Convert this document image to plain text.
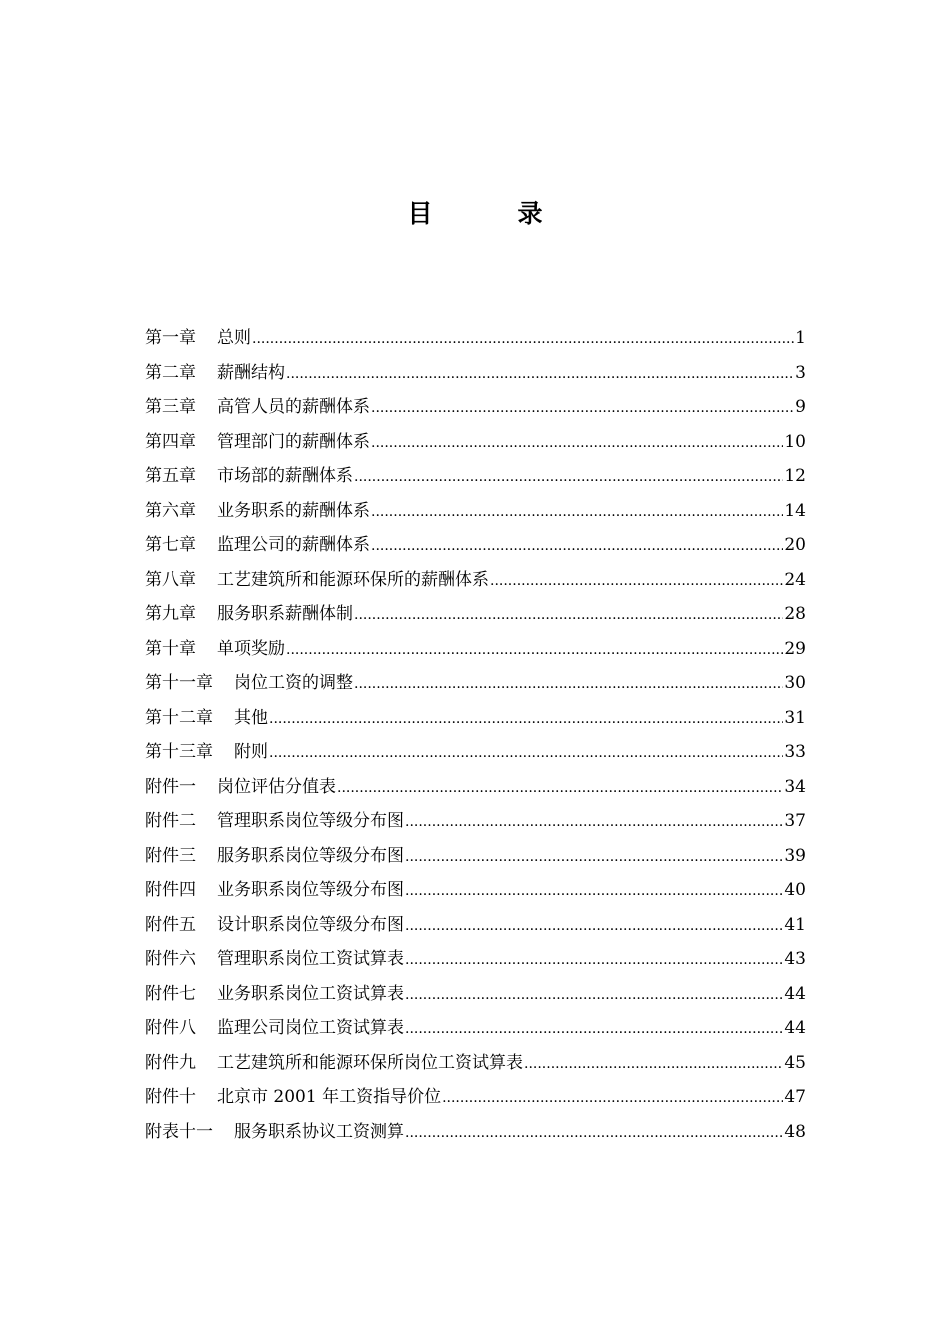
目　录
第一章 总则 .....	1
第二章 薪酬结构 .....	3
第三章 高管人员的薪酬体系 .....	9
第四章 管理部门的薪酬体系 .....	10
第五章 市场部的薪酬体系 .....	12
第六章 业务职系的薪酬体系 .....	14
第七章 监理公司的薪酬体系 .....	20
第八章 工艺建筑所和能源环保所的薪酬体系 .....	24
第九章 服务职系薪酬体制 .....	28
第十章 单项奖励 .....	29
第十一章 岗位工资的调整 .....	30
第十二章 其他 .....	31
第十三章 附则 .....	33
附件一 岗位评估分值表 .....	34
附件二 管理职系岗位等级分布图 .....	37
附件三 服务职系岗位等级分布图 .....	39
附件四 业务职系岗位等级分布图 .....	40
附件五 设计职系岗位等级分布图 .....	41
附件六 管理职系岗位工资试算表 .....	43
附件七 业务职系岗位工资试算表 .....	44
附件八 监理公司岗位工资试算表 .....	44
附件九 工艺建筑所和能源环保所岗位工资试算表 .....	45
附件十 北京市 2001 年工资指导价位 .....	47
附表十一 服务职系协议工资测算 .....	48
